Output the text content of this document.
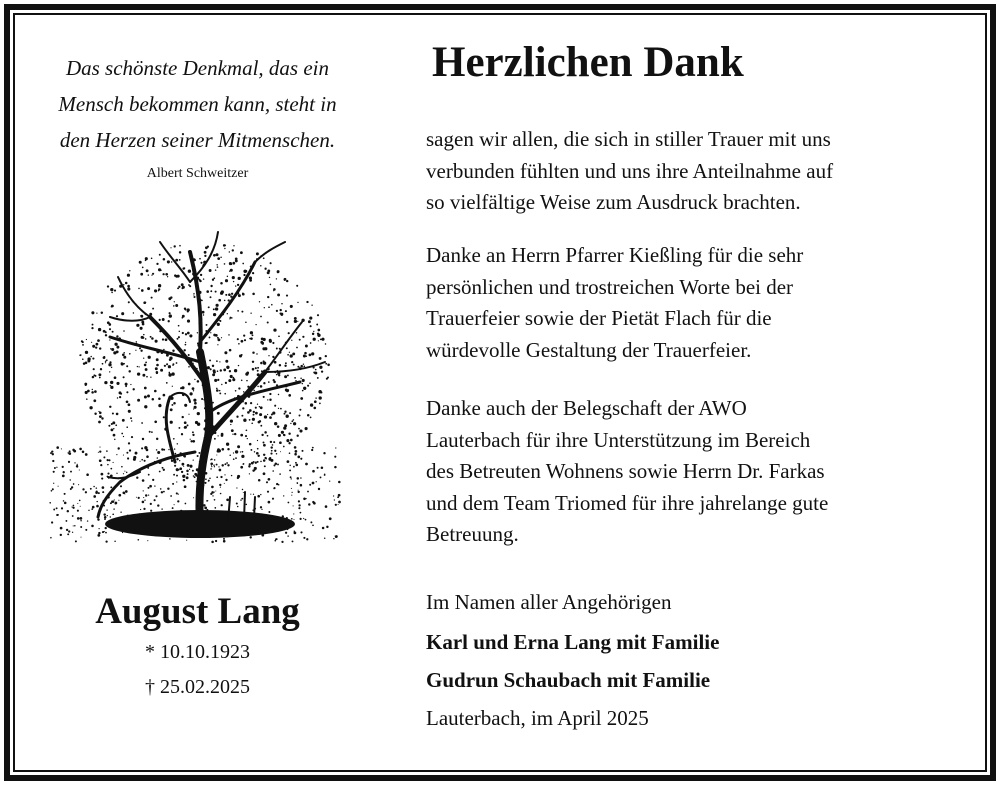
Das schönste Denkmal, das ein
Mensch bekommen kann, steht in
den Herzen seiner Mitmenschen.
Albert Schweitzer
August Lang
* 10.10.1923
† 25.02.2025
Herzlichen Dank
sagen wir allen, die sich in stiller Trauer mit uns
verbunden fühlten und uns ihre Anteilnahme auf
so vielfältige Weise zum Ausdruck brachten.
Danke an Herrn Pfarrer Kießling für die sehr
persönlichen und trostreichen Worte bei der
Trauerfeier sowie der Pietät Flach für die
würdevolle Gestaltung der Trauerfeier.
Danke auch der Belegschaft der AWO
Lauterbach für ihre Unterstützung im Bereich
des Betreuten Wohnens sowie Herrn Dr. Farkas
und dem Team Triomed für ihre jahrelange gute
Betreuung.
Im Namen aller Angehörigen
Karl und Erna Lang mit Familie
Gudrun Schaubach mit Familie
Lauterbach, im April 2025
